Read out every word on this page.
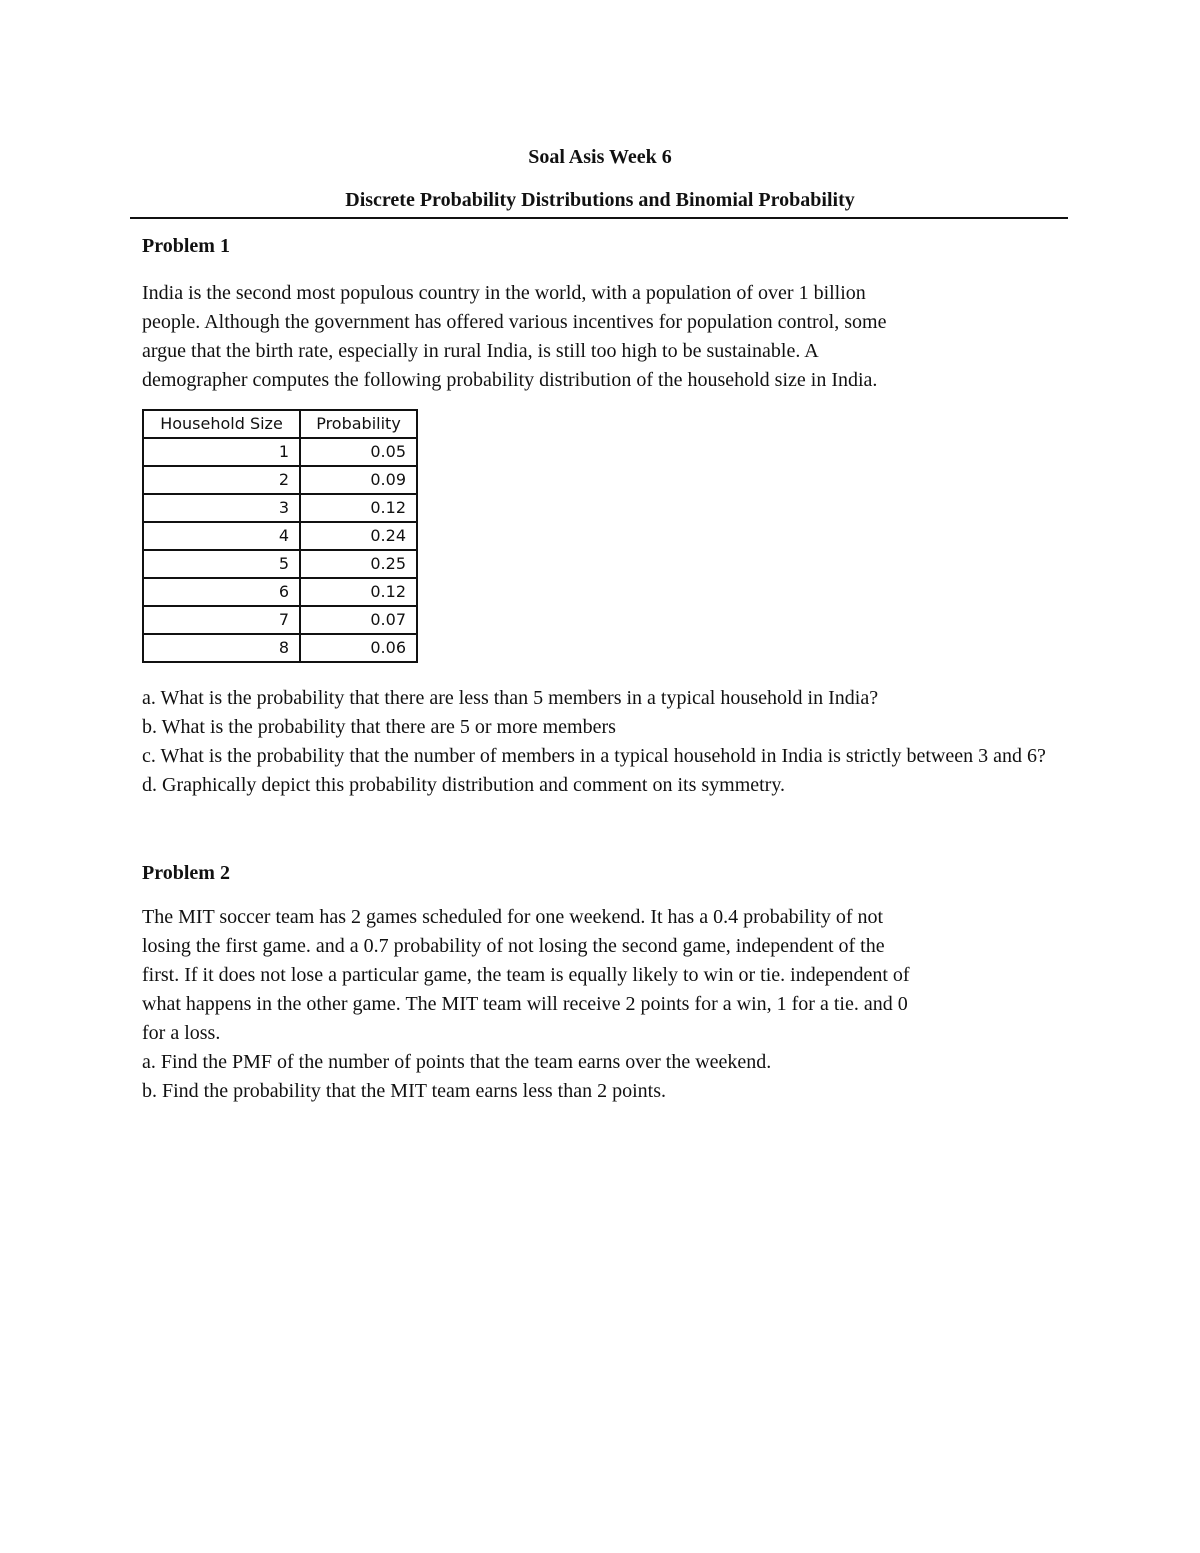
Soal Asis Week 6
Discrete Probability Distributions and Binomial Probability
Problem 1
India is the second most populous country in the world, with a population of over 1 billion
people. Although the government has offered various incentives for population control, some
argue that the birth rate, especially in rural India, is still too high to be sustainable. A
demographer computes the following probability distribution of the household size in India.
Household Size	Probability
1	0.05
2	0.09
3	0.12
4	0.24
5	0.25
6	0.12
7	0.07
8	0.06
a. What is the probability that there are less than 5 members in a typical household in India?
b. What is the probability that there are 5 or more members
c. What is the probability that the number of members in a typical household in India is strictly between 3 and 6?
d. Graphically depict this probability distribution and comment on its symmetry.
Problem 2
The MIT soccer team has 2 games scheduled for one weekend. It has a 0.4 probability of not
losing the first game. and a 0.7 probability of not losing the second game, independent of the
first. If it does not lose a particular game, the team is equally likely to win or tie. independent of
what happens in the other game. The MIT team will receive 2 points for a win, 1 for a tie. and 0
for a loss.
a. Find the PMF of the number of points that the team earns over the weekend.
b. Find the probability that the MIT team earns less than 2 points.
